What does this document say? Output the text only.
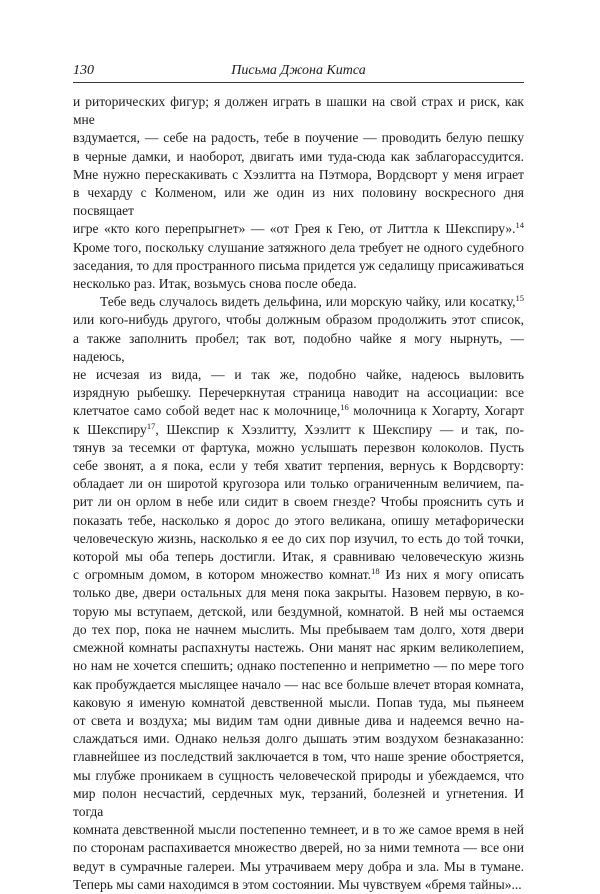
130	Письма Джона Китса

и риторических фигур; я должен играть в шашки на свой страх и риск, как мне

вздумается, — себе на радость, тебе в поучение — проводить белую пешку

в черные дамки, и наоборот, двигать ими туда-сюда как заблагорассудится.

Мне нужно перескакивать с Хэзлитта на Пэтмора, Вордсворт у меня играет

в чехарду с Колменом, или же один из них половину воскресного дня посвящает

игре «кто кого перепрыгнет» — «от Грея к Гею, от Литтла к Шекспиру».$^{14}$

Кроме того, поскольку слушание затяжного дела требует не одного судебного

заседания, то для пространного письма придется уж седалищу присаживаться

несколько раз. Итак, возьмусь снова после обеда.

Тебе ведь случалось видеть дельфина, или морскую чайку, или косатку,$^{15}$

или кого-нибудь другого, чтобы должным образом продолжить этот список,

а также заполнить пробел; так вот, подобно чайке я могу нырнуть, — надеюсь,

не исчезая из вида, — и так же, подобно чайке, надеюсь выловить

изрядную рыбешку. Перечеркнутая страница наводит на ассоциации: все

клетчатое само собой ведет нас к молочнице,$^{16}$ молочница к Хогарту, Хогарт

к Шекспиру$^{17}$, Шекспир к Хэзлитту, Хэзлитт к Шекспиру — и так, по-

тянув за тесемки от фартука, можно услышать перезвон колоколов. Пусть

себе звонят, а я пока, если у тебя хватит терпения, вернусь к Вордсворту:

обладает ли он широтой кругозора или только ограниченным величием, па-

рит ли он орлом в небе или сидит в своем гнезде? Чтобы прояснить суть и

показать тебе, насколько я дорос до этого великана, опишу метафорически

человеческую жизнь, насколько я ее до сих пор изучил, то есть до той точки,

которой мы оба теперь достигли. Итак, я сравниваю человеческую жизнь

с огромным домом, в котором множество комнат.$^{18}$ Из них я могу описать

только две, двери остальных для меня пока закрыты. Назовем первую, в ко-

торую мы вступаем, детской, или бездумной, комнатой. В ней мы остаемся

до тех пор, пока не начнем мыслить. Мы пребываем там долго, хотя двери

смежной комнаты распахнуты настежь. Они манят нас ярким великолепием,

но нам не хочется спешить; однако постепенно и неприметно — по мере того

как пробуждается мыслящее начало — нас все больше влечет вторая комната,

каковую я именую комнатой девственной мысли. Попав туда, мы пьянеем

от света и воздуха; мы видим там одни дивные дива и надеемся вечно на-

слаждаться ими. Однако нельзя долго дышать этим воздухом безнаказанно:

главнейшее из последствий заключается в том, что наше зрение обостряется,

мы глубже проникаем в сущность человеческой природы и убеждаемся, что

мир полон несчастий, сердечных мук, терзаний, болезней и угнетения. И тогда

комната девственной мысли постепенно темнеет, и в то же самое время в ней

по сторонам распахивается множество дверей, но за ними темнота — все они

ведут в сумрачные галереи. Мы утрачиваем меру добра и зла. Мы в тумане.

Теперь мы сами находимся в этом состоянии. Мы чувствуем «бремя тайны»...
